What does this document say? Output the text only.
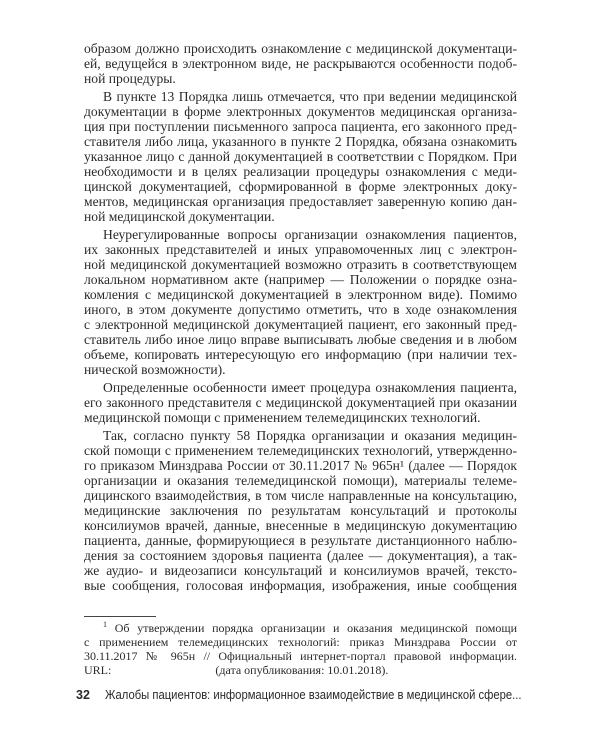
образом должно происходить ознакомление с медицинской документаци-
ей, ведущейся в электронном виде, не раскрываются особенности подоб-
ной процедуры.
В пункте 13 Порядка лишь отмечается, что при ведении медицинской
документации в форме электронных документов медицинская организа-
ция при поступлении письменного запроса пациента, его законного пред-
ставителя либо лица, указанного в пункте 2 Порядка, обязана ознакомить
указанное лицо с данной документацией в соответствии с Порядком. При
необходимости и в целях реализации процедуры ознакомления с меди-
цинской документацией, сформированной в форме электронных доку-
ментов, медицинская организация предоставляет заверенную копию дан-
ной медицинской документации.
Неурегулированные вопросы организации ознакомления пациентов,
их законных представителей и иных управомоченных лиц с электрон-
ной медицинской документацией возможно отразить в соответствующем
локальном нормативном акте (например — Положении о порядке озна-
комления с медицинской документацией в электронном виде). Помимо
иного, в этом документе допустимо отметить, что в ходе ознакомления
с электронной медицинской документацией пациент, его законный пред-
ставитель либо иное лицо вправе выписывать любые сведения и в любом
объеме, копировать интересующую его информацию (при наличии тех-
нической возможности).
Определенные особенности имеет процедура ознакомления пациента,
его законного представителя с медицинской документацией при оказании
медицинской помощи с применением телемедицинских технологий.
Так, согласно пункту 58 Порядка организации и оказания медицин-
ской помощи с применением телемедицинских технологий, утвержденно-
го приказом Минздрава России от 30.11.2017 № 965н¹ (далее — Порядок
организации и оказания телемедицинской помощи), материалы телеме-
дицинского взаимодействия, в том числе направленные на консультацию,
медицинские заключения по результатам консультаций и протоколы
консилиумов врачей, данные, внесенные в медицинскую документацию
пациента, данные, формирующиеся в результате дистанционного наблю-
дения за состоянием здоровья пациента (далее — документация), а так-
же аудио- и видеозаписи консультаций и консилиумов врачей, тексто-
вые сообщения, голосовая информация, изображения, иные сообщения
$^1$ Об утверждении порядка организации и оказания медицинской помощи
с применением телемедицинских технологий: приказ Минздрава России от
30.11.2017 № 965н // Официальный интернет-портал правовой информации.
URL:	(дата опубликования: 10.01.2018).
32 Жалобы пациентов: информационное взаимодействие в медицинской сфере...
